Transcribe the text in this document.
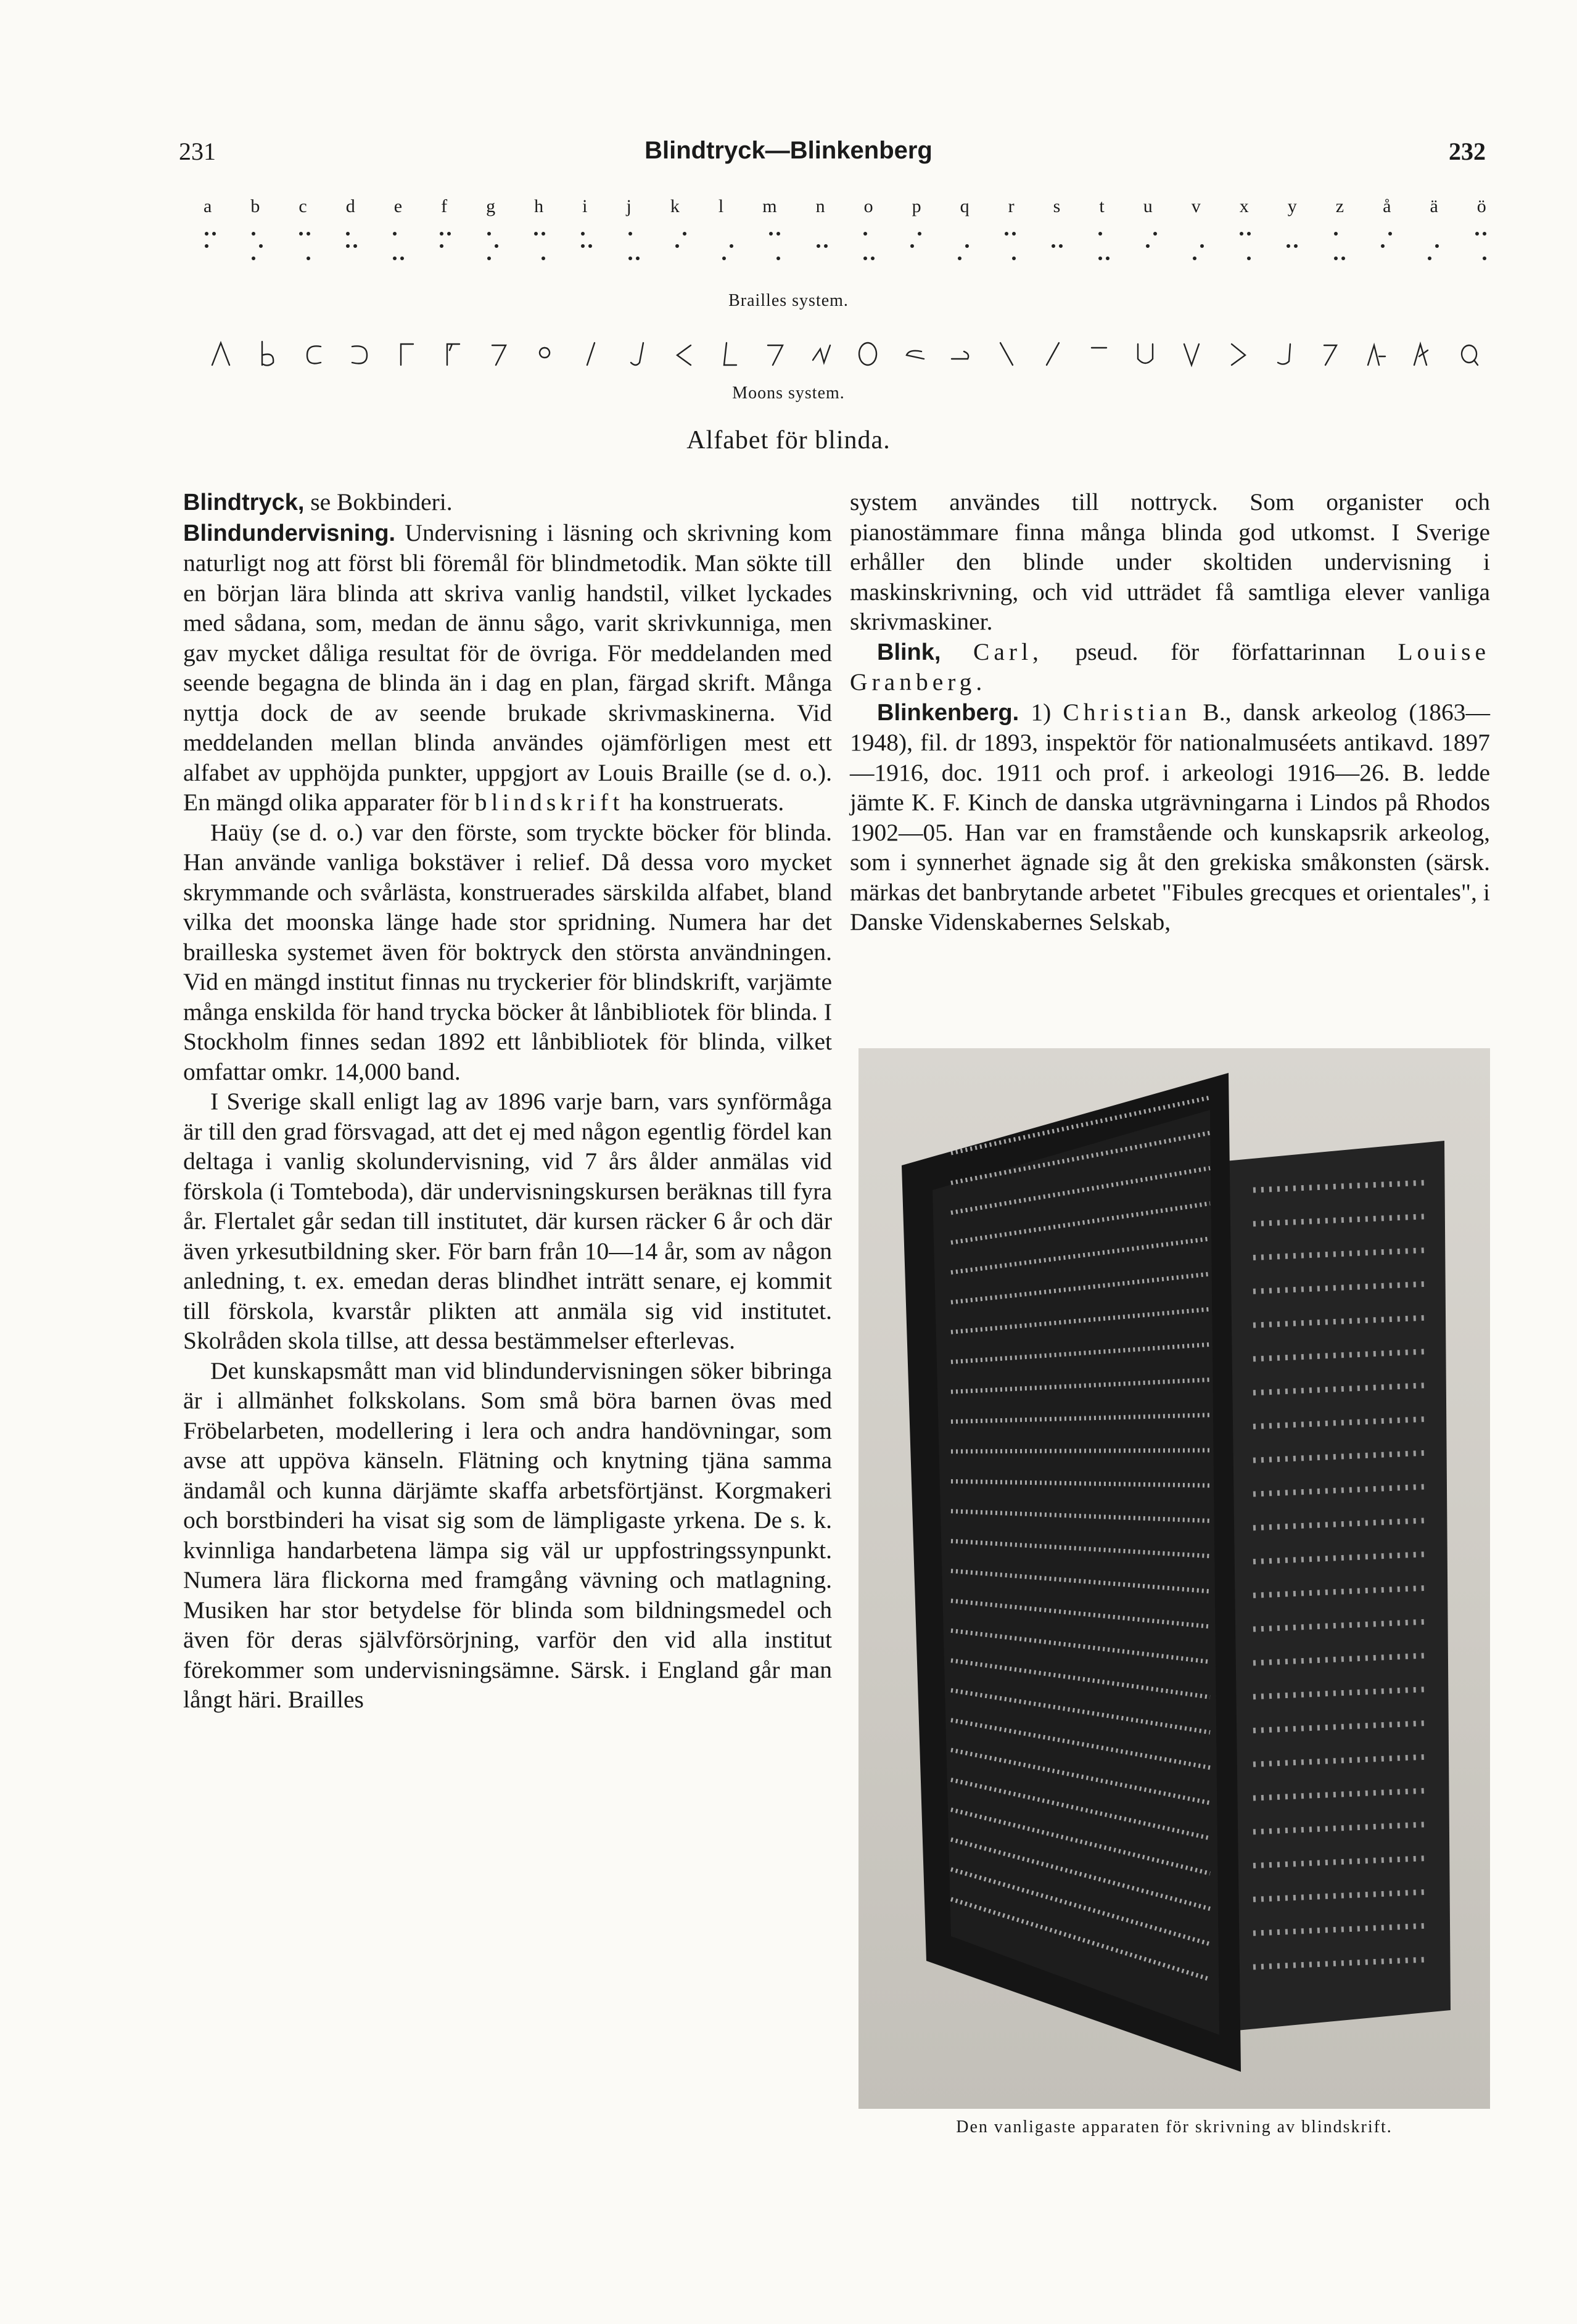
231	Blindtryck—Blinkenberg	232
a b c d e f g h i j k l m n o p q r s t u v x y z å ä ö
Brailles system.
Moons system.
Alfabet för blinda.

Blindtryck, se Bokbinderi.

Blindundervisning. Undervisning i läsning och skrivning kom naturligt nog att först bli föremål för blindmetodik. Man sökte till en början lära blinda att skriva vanlig handstil, vilket lyckades med sådana, som, medan de ännu sågo, varit skrivkunniga, men gav mycket dåliga resultat för de övriga. För meddelanden med seende begagna de blinda än i dag en plan, färgad skrift. Många nyttja dock de av seende brukade skrivmaskinerna. Vid meddelanden mellan blinda användes ojämförligen mest ett alfabet av upphöjda punkter, uppgjort av Louis Braille (se d. o.). En mängd olika apparater för blindskrift ha konstruerats.

Haüy (se d. o.) var den förste, som tryckte böcker för blinda. Han använde vanliga bokstäver i relief. Då dessa voro mycket skrymmande och svårlästa, konstruerades särskilda alfabet, bland vilka det moonska länge hade stor spridning. Numera har det brailleska systemet även för boktryck den största användningen. Vid en mängd institut finnas nu tryckerier för blindskrift, varjämte många enskilda för hand trycka böcker åt lånbibliotek för blinda. I Stockholm finnes sedan 1892 ett lånbibliotek för blinda, vilket omfattar omkr. 14,000 band.

I Sverige skall enligt lag av 1896 varje barn, vars synförmåga är till den grad försvagad, att det ej med någon egentlig fördel kan deltaga i vanlig skolundervisning, vid 7 års ålder anmälas vid förskola (i Tomteboda), där undervisningskursen beräknas till fyra år. Flertalet går sedan till institutet, där kursen räcker 6 år och där även yrkesutbildning sker. För barn från 10—14 år, som av någon anledning, t. ex. emedan deras blindhet inträtt senare, ej kommit till förskola, kvarstår plikten att anmäla sig vid institutet. Skolråden skola tillse, att dessa bestämmelser efterlevas.

Det kunskapsmått man vid blindundervisningen söker bibringa är i allmänhet folkskolans. Som små böra barnen övas med Fröbelarbeten, modellering i lera och andra handövningar, som avse att uppöva känseln. Flätning och knytning tjäna samma ändamål och kunna därjämte skaffa arbetsförtjänst. Korgmakeri och borstbinderi ha visat sig som de lämpligaste yrkena. De s. k. kvinnliga handarbetena lämpa sig väl ur uppfostringssynpunkt. Numera lära flickorna med framgång vävning och matlagning. Musiken har stor betydelse för blinda som bildningsmedel och även för deras självförsörjning, varför den vid alla institut förekommer som undervisningsämne. Särsk. i England går man långt häri. Brailles

system användes till nottryck. Som organister och pianostämmare finna många blinda god utkomst. I Sverige erhåller den blinde under skoltiden undervisning i maskinskrivning, och vid utträdet få samtliga elever vanliga skrivmaskiner.

Blink, Carl, pseud. för författarinnan Louise Granberg.

Blinkenberg. 1) Christian B., dansk arkeolog (1863—1948), fil. dr 1893, inspektör för nationalmuséets antikavd. 1897—1916, doc. 1911 och prof. i arkeologi 1916—26. B. ledde jämte K. F. Kinch de danska utgrävningarna i Lindos på Rhodos 1902—05. Han var en framstående och kunskapsrik arkeolog, som i synnerhet ägnade sig åt den grekiska småkonsten (särsk. märkas det banbrytande arbetet "Fibules grecques et orientales", i Danske Videnskabernes Selskab,

Den vanligaste apparaten för skrivning av blindskrift.
